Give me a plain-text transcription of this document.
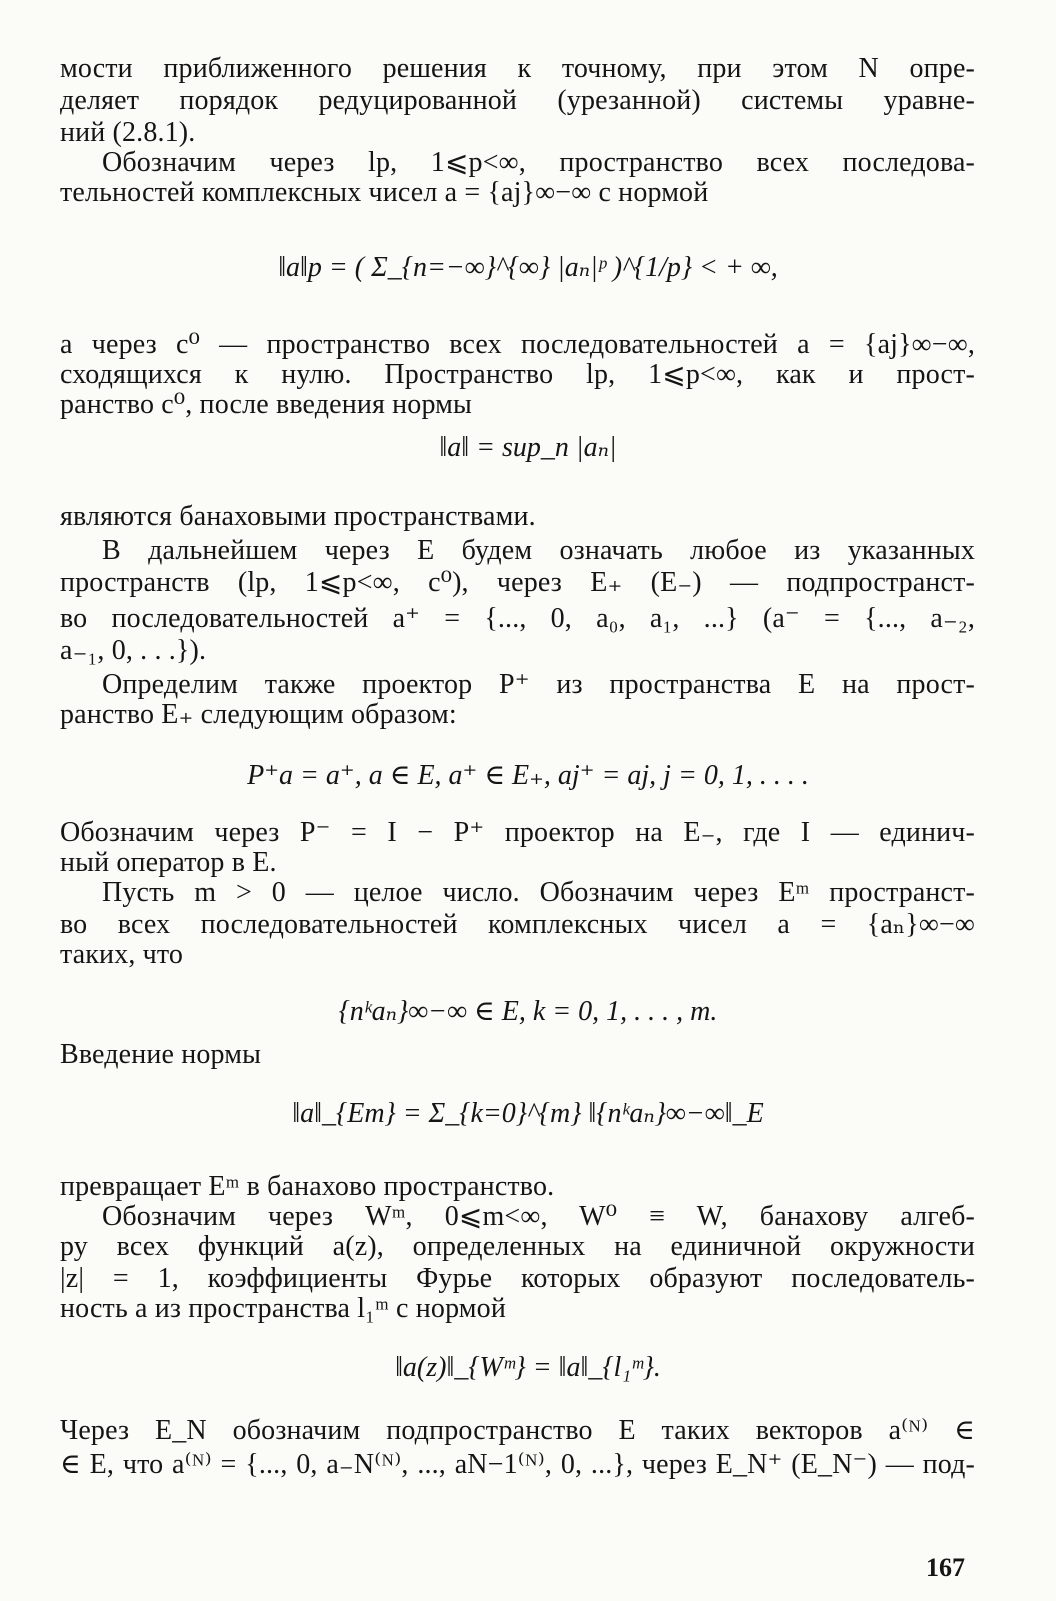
мости приближенного решения к точному, при этом N опре-
деляет порядок редуцированной (урезанной) системы уравне-
ний (2.8.1).
Обозначим через lp, 1⩽p<∞, пространство всех последова-
тельностей комплексных чисел a = {aj}∞−∞ с нормой
‖a‖p = ( Σ_{n=−∞}^{∞} |aₙ|ᵖ )^{1/p} < + ∞,
а через c⁰ — пространство всех последовательностей a = {aj}∞−∞,
сходящихся к нулю. Пространство lp, 1⩽p<∞, как и прост-
ранство c⁰, после введения нормы
‖a‖ = sup_n |aₙ|
являются банаховыми пространствами.
В дальнейшем через E будем означать любое из указанных
пространств (lp, 1⩽p<∞, c⁰), через E₊ (E₋) — подпространст-
во последовательностей a⁺ = {..., 0, a₀, a₁, ...} (a⁻ = {..., a₋₂,
a₋₁, 0, . . .}).
Определим также проектор P⁺ из пространства E на прост-
ранство E₊ следующим образом:
P⁺a = a⁺, a ∈ E, a⁺ ∈ E₊, aj⁺ = aj, j = 0, 1, . . . .
Обозначим через P⁻ = I − P⁺ проектор на E₋, где I — единич-
ный оператор в E.
Пусть m > 0 — целое число. Обозначим через Eᵐ пространст-
во всех последовательностей комплексных чисел a = {aₙ}∞−∞
таких, что
{nᵏaₙ}∞−∞ ∈ E, k = 0, 1, . . . , m.
Введение нормы
‖a‖_{Em} = Σ_{k=0}^{m} ‖{nᵏaₙ}∞−∞‖_E
превращает Eᵐ в банахово пространство.
Обозначим через Wᵐ, 0⩽m<∞, W⁰ ≡ W, банахову алгеб-
ру всех функций a(z), определенных на единичной окружности
|z| = 1, коэффициенты Фурье которых образуют последователь-
ность a из пространства l₁ᵐ с нормой
‖a(z)‖_{Wᵐ} = ‖a‖_{l₁ᵐ}.
Через E_N обозначим подпространство E таких векторов a⁽ᴺ⁾ ∈
∈ E, что a⁽ᴺ⁾ = {..., 0, a₋N⁽ᴺ⁾, ..., aN−1⁽ᴺ⁾, 0, ...}, через E_N⁺ (E_N⁻) — под-
167
